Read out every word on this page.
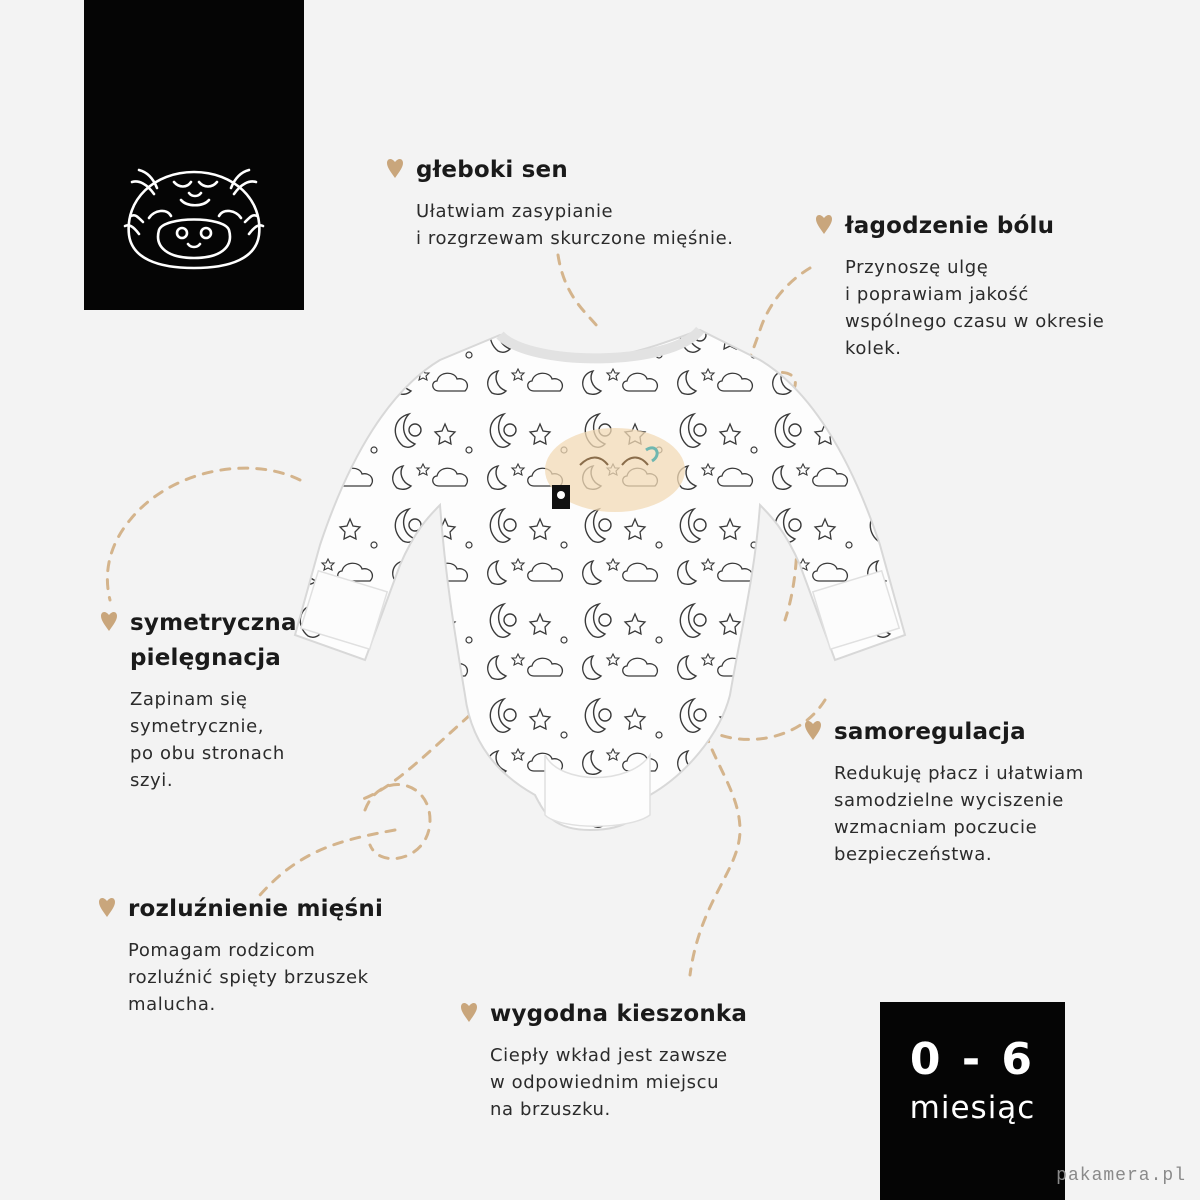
głeboki sen

Ułatwiam zasypianie
i rozgrzewam skurczone mięśnie.	łagodzenie bólu

Przynoszę ulgę
i poprawiam jakość
wspólnego czasu w okresie
kolek.

symetryczna
pielęgnacja

Zapinam się
symetrycznie,
po obu stronach
szyi.

samoregulacja

Redukuję płacz i ułatwiam
samodzielne wyciszenie
wzmacniam poczucie
bezpieczeństwa.

rozluźnienie mięśni

Pomagam rodzicom
rozluźnić spięty brzuszek
malucha.	wygodna kieszonka

Ciepły wkład jest zawsze
w odpowiednim miejscu
na brzuszku.

0 - 6
miesiąc
pakamera.pl
